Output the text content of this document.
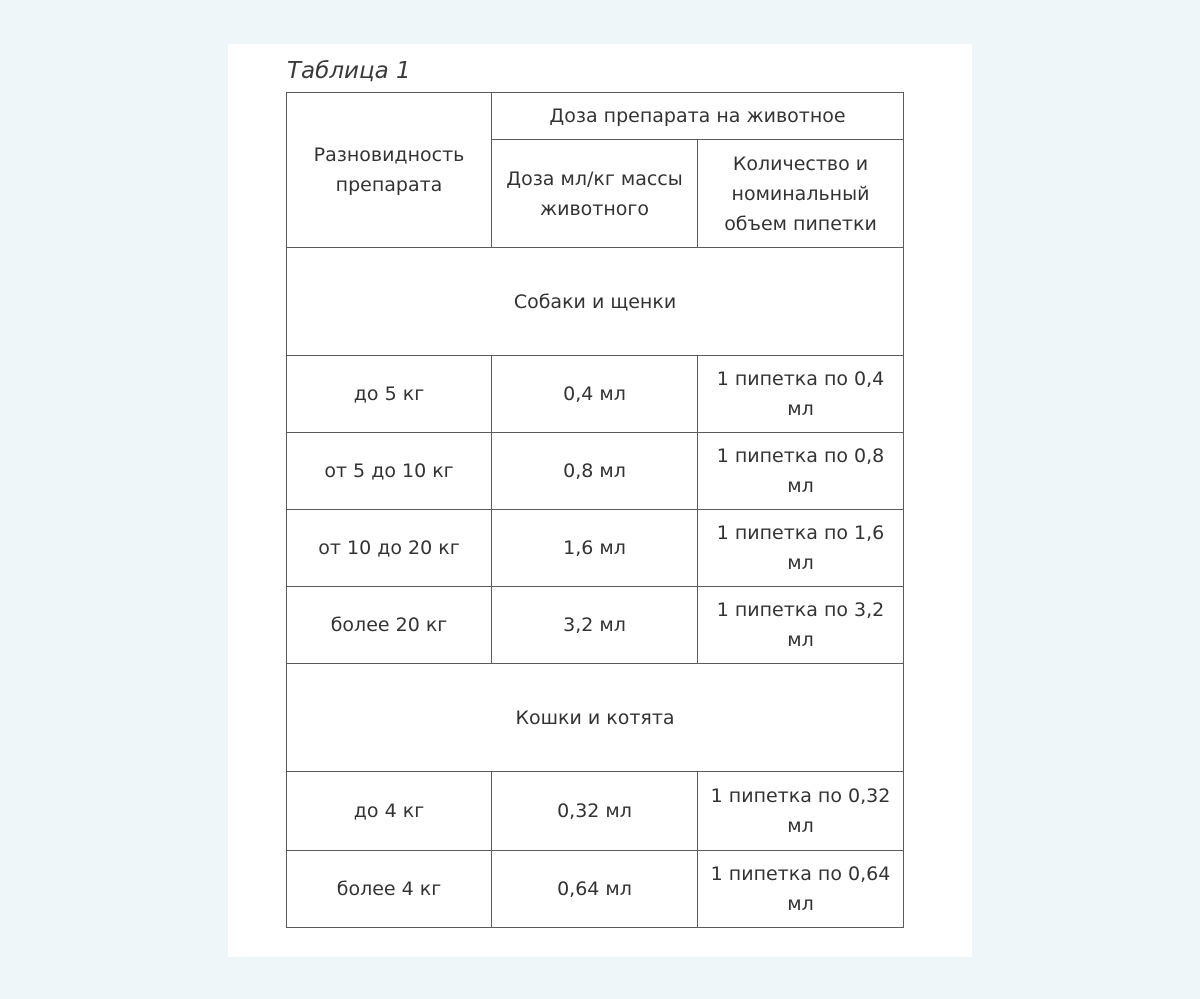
Таблица 1
Разновидность препарата	Доза препарата на животное	
	Доза мл/кг массы животного	Количество и номинальный объем пипетки
Собаки и щенки		
до 5 кг	0,4 мл	1 пипетка по 0,4 мл
от 5 до 10 кг	0,8 мл	1 пипетка по 0,8 мл
от 10 до 20 кг	1,6 мл	1 пипетка по 1,6 мл
более 20 кг	3,2 мл	1 пипетка по 3,2 мл
Кошки и котята		
до 4 кг	0,32 мл	1 пипетка по 0,32 мл
более 4 кг	0,64 мл	1 пипетка по 0,64 мл
